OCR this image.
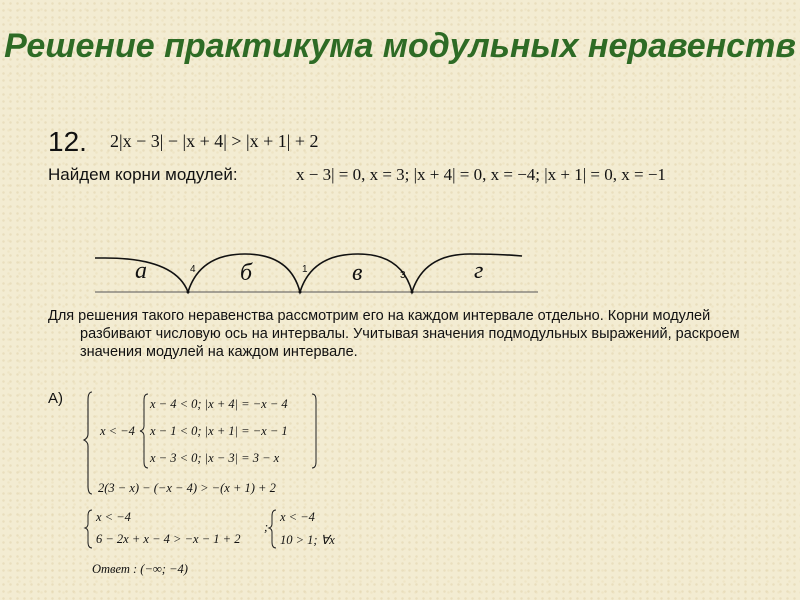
Решение практикума модульных неравенств
12. 2|x − 3| − |x + 4| > |x + 1| + 2
Найдем корни модулей:	x − 3| = 0, x = 3; |x + 4| = 0, x = −4; |x + 1| = 0, x = −1
а	б	в	г
4	1
3
Для решения такого неравенства рассмотрим его на каждом интервале отдельно. Корни модулей разбивают числовую ось на интервалы. Учитывая значения подмодульных выражений, раскроем значения модулей на каждом интервале.
А)
x < −4
x − 4 < 0; |x + 4| = −x − 4
x − 1 < 0; |x + 1| = −x − 1
x − 3 < 0; |x − 3| = 3 − x
2(3 − x) − (−x − 4) > −(x + 1) + 2
x < −4
6 − 2x + x − 4 > −x − 1 + 2
;
x < −4
10 > 1; ∀x
Ответ : (−∞; −4)
